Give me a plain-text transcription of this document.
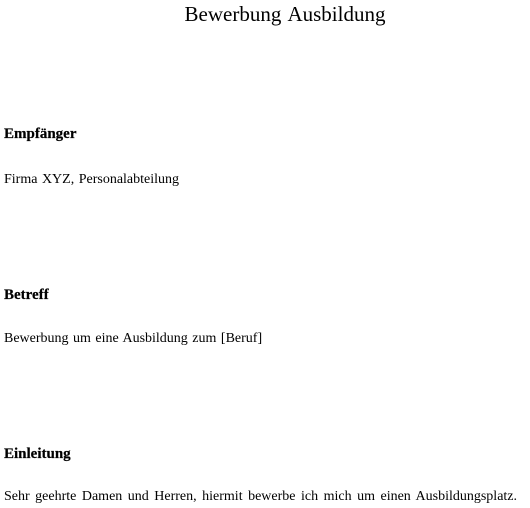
Bewerbung Ausbildung
Empfänger

Firma XYZ, Personalabteilung

Betreff

Bewerbung um eine Ausbildung zum [Beruf]

Einleitung

Sehr geehrte Damen und Herren, hiermit bewerbe ich mich um einen Ausbildungsplatz.
